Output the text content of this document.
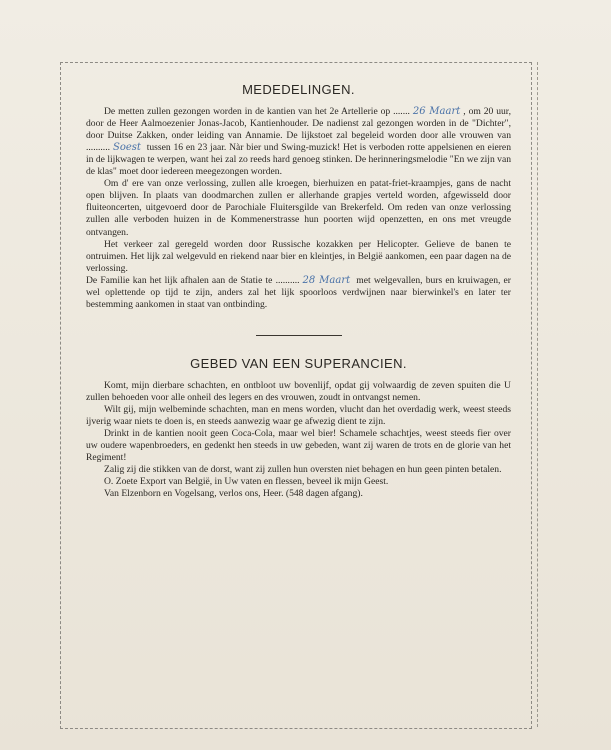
MEDEDELINGEN.

De metten zullen gezongen worden in de kantien van het 2e Artellerie op ....... 26 Maart , om 20 uur, door de Heer Aalmoezenier Jonas-Jacob, Kantienhouder. De nadienst zal gezongen worden in de "Dichter", door Duitse Zakken, onder leiding van Annamie. De lijkstoet zal begeleid worden door alle vrouwen van .......... Soest tussen 16 en 23 jaar. Nàr bier und Swing-muzick! Het is verboden rotte appelsienen en eieren in de lijkwagen te werpen, want hei zal zo reeds hard genoeg stinken. De herinneringsmelodie "En we zijn van de klas" moet door iedereen meegezongen worden.

Om d' ere van onze verlossing, zullen alle kroegen, bierhuizen en patat-friet-kraampjes, gans de nacht open blijven. In plaats van doodmarchen zullen er allerhande grapjes verteld worden, afgewisseld door fluiteoncerten, uitgevoerd door de Parochiale Fluitersgilde van Brekerfeld. Om reden van onze verlossing zullen alle verboden huizen in de Kommenerstrasse hun poorten wijd openzetten, en ons met vreugde ontvangen.

Het verkeer zal geregeld worden door Russische kozakken per Helicopter. Gelieve de banen te ontruimen. Het lijk zal welgevuld en riekend naar bier en kleintjes, in België aankomen, een paar dagen na de verlossing.

De Familie kan het lijk afhalen aan de Statie te .......... 28 Maart met welgevallen, burs en kruiwagen, er wel oplettende op tijd te zijn, anders zal het lijk spoorloos verdwijnen naar bierwinkel's en later ter bestemming aankomen in staat van ontbinding.

GEBED VAN EEN SUPERANCIEN.

Komt, mijn dierbare schachten, en ontbloot uw bovenlijf, opdat gij volwaardig de zeven spuiten die U zullen behoeden voor alle onheil des legers en des vrouwen, zoudt in ontvangst nemen.

Wilt gij, mijn welbeminde schachten, man en mens worden, vlucht dan het overdadig werk, weest steeds ijverig waar niets te doen is, en steeds aanwezig waar ge afwezig dient te zijn.

Drinkt in de kantien nooit geen Coca-Cola, maar wel bier! Schamele schachtjes, weest steeds fier over uw oudere wapenbroeders, en gedenkt hen steeds in uw gebeden, want zij waren de trots en de glorie van het Regiment!

Zalig zij die stikken van de dorst, want zij zullen hun oversten niet behagen en hun geen pinten betalen.

O. Zoete Export van België, in Uw vaten en flessen, beveel ik mijn Geest.

Van Elzenborn en Vogelsang, verlos ons, Heer. (548 dagen afgang).
